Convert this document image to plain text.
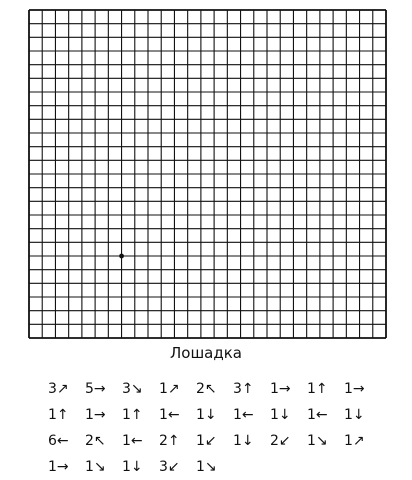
Лошадка
3↗	5→	3↘	1↗	2↖	3↑	1→	1↑	1→
1↑	1→	1↑	1←	1↓	1←	1↓	1←	1↓
6←	2↖	1←	2↑	1↙	1↓	2↙	1↘	1↗
1→	1↘	1↓	3↙	1↘
